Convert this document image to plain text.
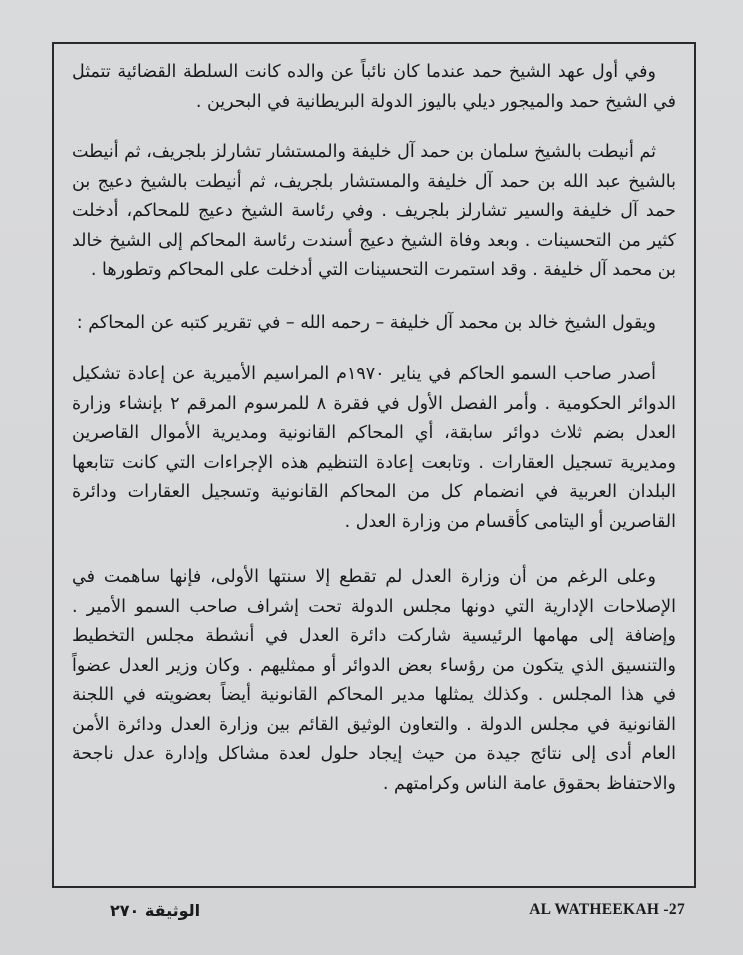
وفي أول عهد الشيخ حمد عندما كان نائباً عن والده كانت السلطة القضائية تتمثل في الشيخ حمد والميجور ديلي باليوز الدولة البريطانية في البحرين .

ثم أنيطت بالشيخ سلمان بن حمد آل خليفة والمستشار تشارلز بلجريف، ثم أنيطت بالشيخ عبد الله بن حمد آل خليفة والمستشار بلجريف، ثم أنيطت بالشيخ دعيج بن حمد آل خليفة والسير تشارلز بلجريف . وفي رئاسة الشيخ دعيج للمحاكم، أدخلت كثير من التحسينات . وبعد وفاة الشيخ دعيج أسندت رئاسة المحاكم إلى الشيخ خالد بن محمد آل خليفة . وقد استمرت التحسينات التي أدخلت على المحاكم وتطورها .

ويقول الشيخ خالد بن محمد آل خليفة – رحمه الله – في تقرير كتبه عن المحاكم :

أصدر صاحب السمو الحاكم في يناير ١٩٧٠م المراسيم الأميرية عن إعادة تشكيل الدوائر الحكومية . وأمر الفصل الأول في فقرة ٨ للمرسوم المرقم ٢ بإنشاء وزارة العدل بضم ثلاث دوائر سابقة، أي المحاكم القانونية ومديرية الأموال القاصرين ومديرية تسجيل العقارات . وتابعت إعادة التنظيم هذه الإجراءات التي كانت تتابعها البلدان العربية في انضمام كل من المحاكم القانونية وتسجيل العقارات ودائرة القاصرين أو اليتامى كأقسام من وزارة العدل .

وعلى الرغم من أن وزارة العدل لم تقطع إلا سنتها الأولى، فإنها ساهمت في الإصلاحات الإدارية التي دونها مجلس الدولة تحت إشراف صاحب السمو الأمير . وإضافة إلى مهامها الرئيسية شاركت دائرة العدل في أنشطة مجلس التخطيط والتنسيق الذي يتكون من رؤساء بعض الدوائر أو ممثليهم . وكان وزير العدل عضواً في هذا المجلس . وكذلك يمثلها مدير المحاكم القانونية أيضاً بعضويته في اللجنة القانونية في مجلس الدولة . والتعاون الوثيق القائم بين وزارة العدل ودائرة الأمن العام أدى إلى نتائج جيدة من حيث إيجاد حلول لعدة مشاكل وإدارة عدل ناجحة والاحتفاظ بحقوق عامة الناس وكرامتهم .

الوثيقة ٢٧٠	AL WATHEEKAH -27
